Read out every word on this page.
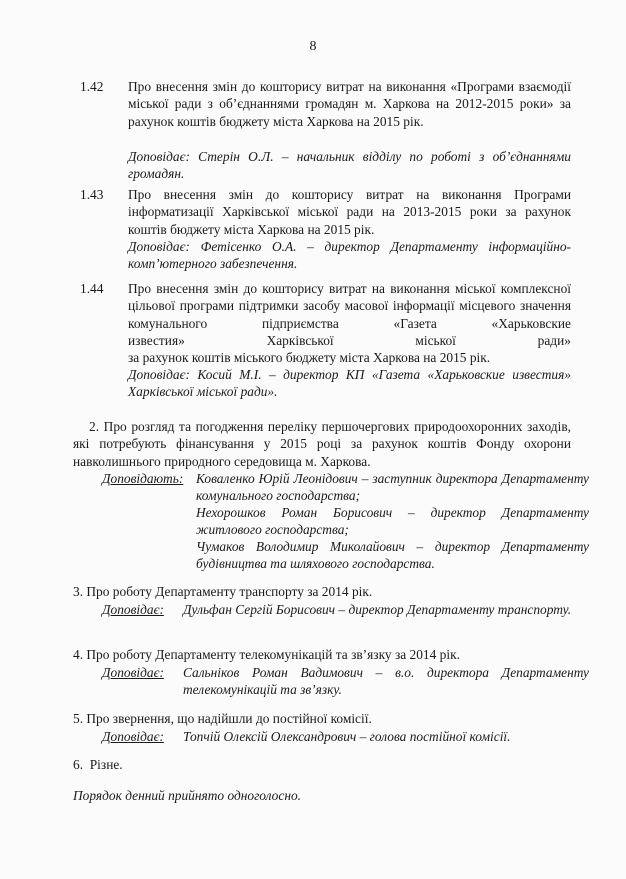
8
1.42	Про внесення змін до кошторису витрат на виконання «Програми взаємодії міської ради з об’єднаннями громадян м. Харкова на 2012-2015 роки» за рахунок коштів бюджету міста Харкова на 2015 рік.
Доповідає: Стерін О.Л. – начальник відділу по роботі з об’єднаннями громадян.
1.43	Про внесення змін до кошторису витрат на виконання Програми інформатизації Харківської міської ради на 2013-2015 роки за рахунок коштів бюджету міста Харкова на 2015 рік.
Доповідає: Фетісенко О.А. – директор Департаменту інформаційно-комп’ютерного забезпечення.
1.44	Про внесення змін до кошторису витрат на виконання міської комплексної цільової програми підтримки засобу масової інформації місцевого значення комунального підприємства «Газета «Харьковские
известия» Харківської міської ради»
за рахунок коштів міського бюджету міста Харкова на 2015 рік.
Доповідає: Косий М.І. – директор КП «Газета «Харьковские известия» Харківської міської ради».
2. Про розгляд та погодження переліку першочергових природоохоронних заходів, які потребують фінансування у 2015 році за рахунок коштів Фонду охорони навколишнього природного середовища м. Харкова.
Доповідають: Коваленко Юрій Леонідович – заступник директора Департаменту комунального господарства;
Нехорошков Роман Борисович – директор Департаменту житлового господарства;
Чумаков Володимир Миколайович – директор Департаменту будівництва та шляхового господарства.
3. Про роботу Департаменту транспорту за 2014 рік.
Доповідає: Дульфан Сергій Борисович – директор Департаменту транспорту.
4. Про роботу Департаменту телекомунікацій та зв’язку за 2014 рік.
Доповідає: Сальніков Роман Вадимович – в.о. директора Департаменту телекомунікацій та зв’язку.
5. Про звернення, що надійшли до постійної комісії.
Доповідає: Топчій Олексій Олександрович – голова постійної комісії.
6.  Різне.
Порядок денний прийнято одноголосно.
